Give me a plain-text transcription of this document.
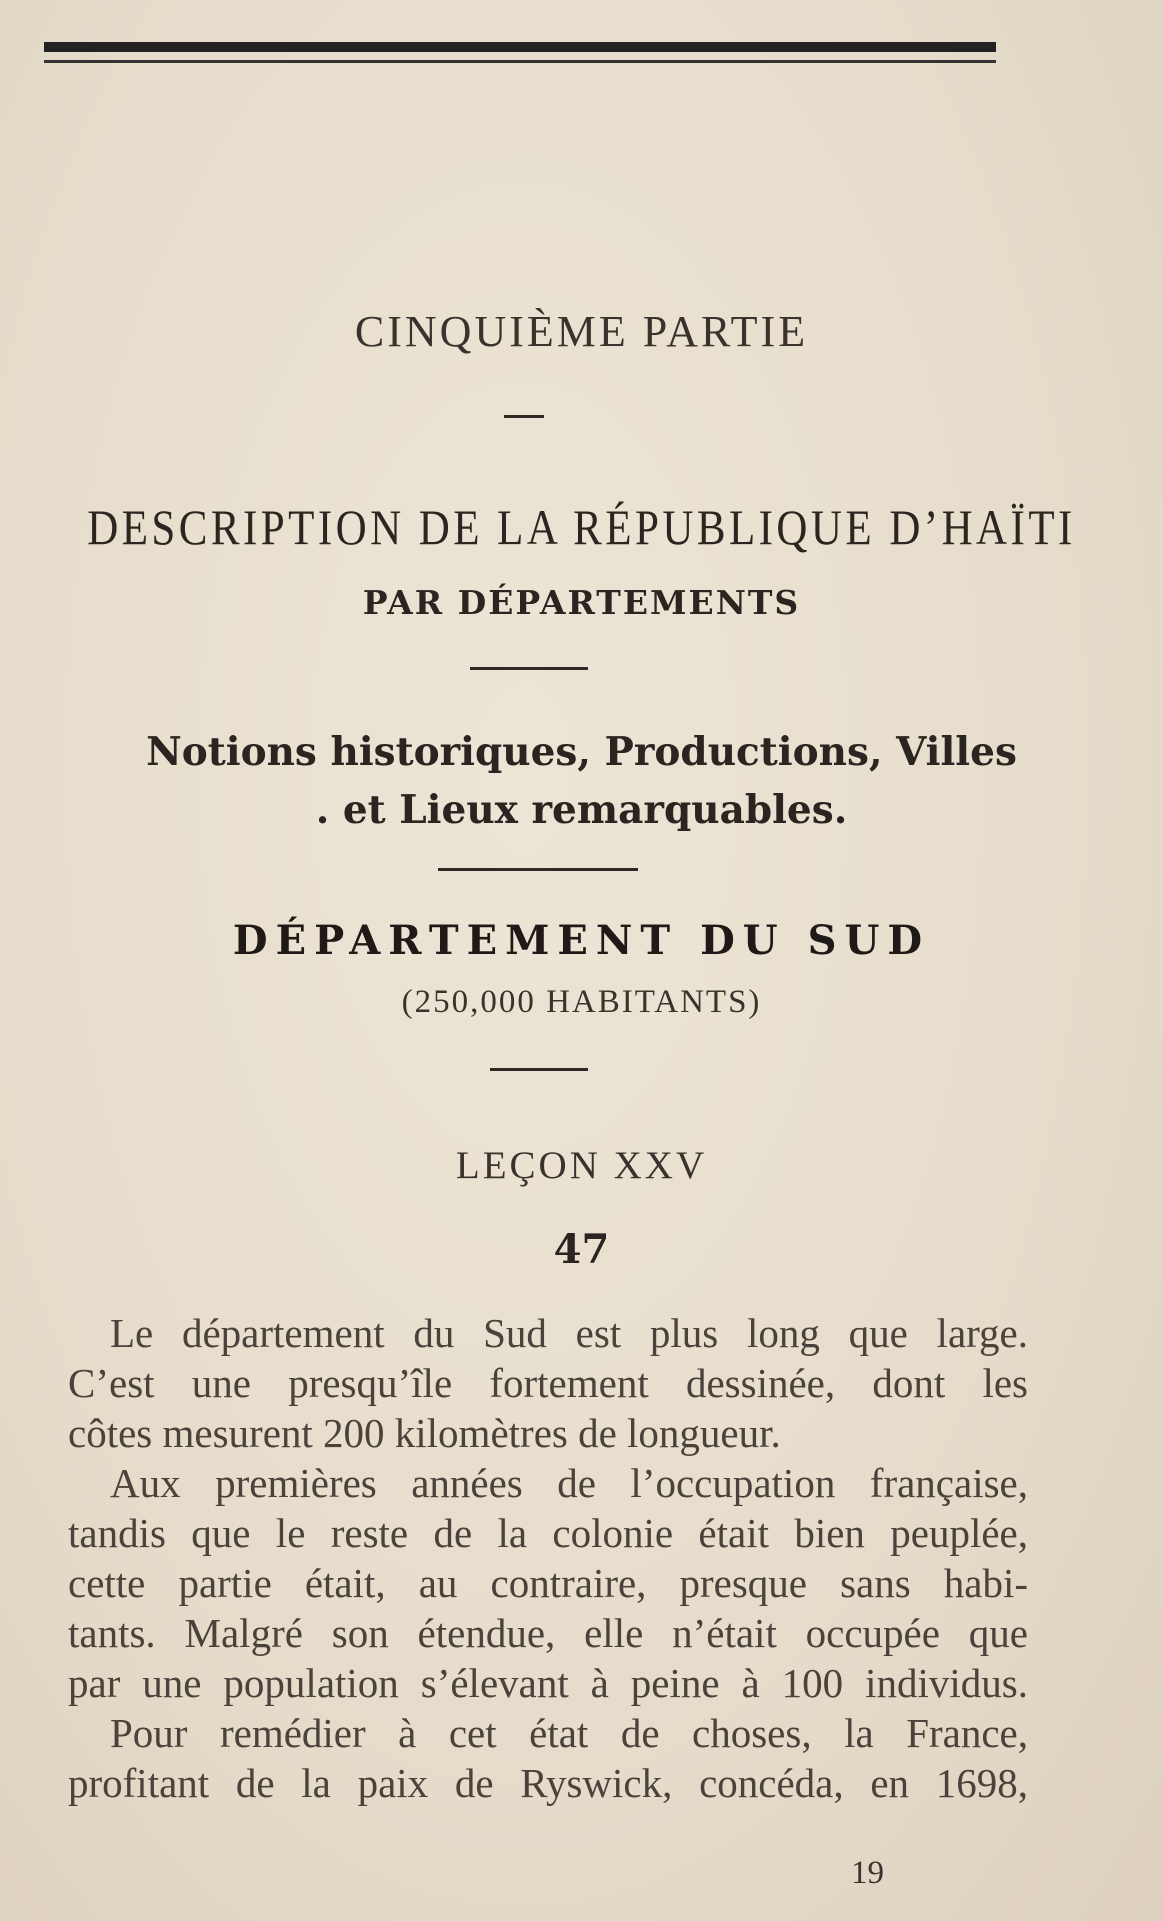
CINQUIÈME PARTIE
DESCRIPTION DE LA RÉPUBLIQUE D’HAÏTI
PAR DÉPARTEMENTS
Notions historiques, Productions, Villes
. et Lieux remarquables.
DÉPARTEMENT DU SUD
(250,000 HABITANTS)
LEÇON XXV
47
Le département du Sud est plus long que large.
C’est une presqu’île fortement dessinée, dont les
côtes mesurent 200 kilomètres de longueur.
Aux premières années de l’occupation française,
tandis que le reste de la colonie était bien peuplée,
cette partie était, au contraire, presque sans habi-
tants. Malgré son étendue, elle n’était occupée que
par une population s’élevant à peine à 100 individus.
Pour remédier à cet état de choses, la France,
profitant de la paix de Ryswick, concéda, en 1698,
19
